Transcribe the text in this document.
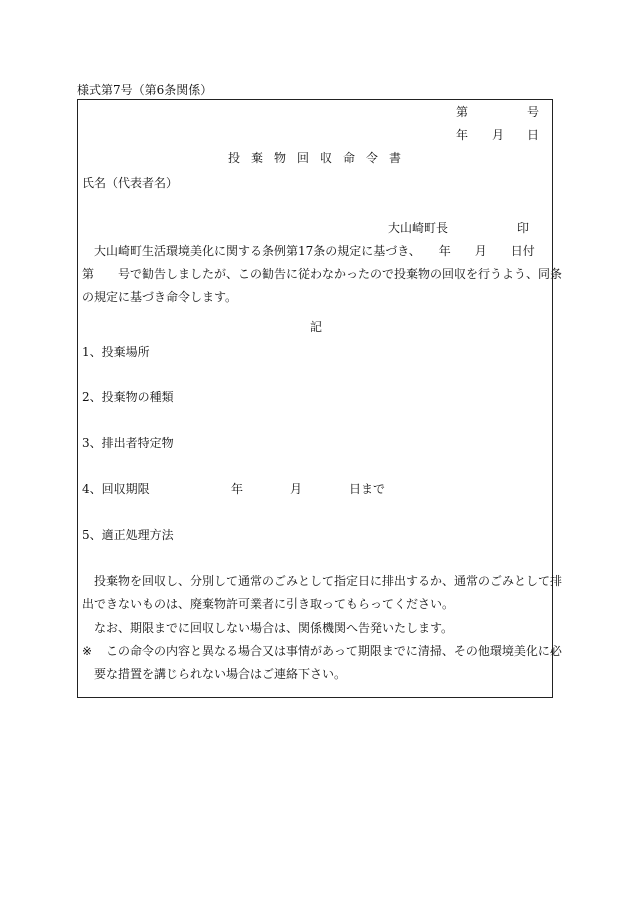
様式第7号（第6条関係）
第	号
年 月 日
投 棄 物 回 収 命 令 書
氏名（代表者名）
大山崎町長	印
大山崎町生活環境美化に関する条例第17条の規定に基づき、　　年　　月　　日付
第　　号で勧告しましたが、この勧告に従わなかったので投棄物の回収を行うよう、同条
の規定に基づき命令します。
記
1、投棄場所
2、投棄物の種類
3、排出者特定物
4、回収期限	年	月	日まで
5、適正処理方法
投棄物を回収し、分別して通常のごみとして指定日に排出するか、通常のごみとして排
出できないものは、廃棄物許可業者に引き取ってもらってください。
なお、期限までに回収しない場合は、関係機関へ告発いたします。
※ この命令の内容と異なる場合又は事情があって期限までに清掃、その他環境美化に必
要な措置を講じられない場合はご連絡下さい。
